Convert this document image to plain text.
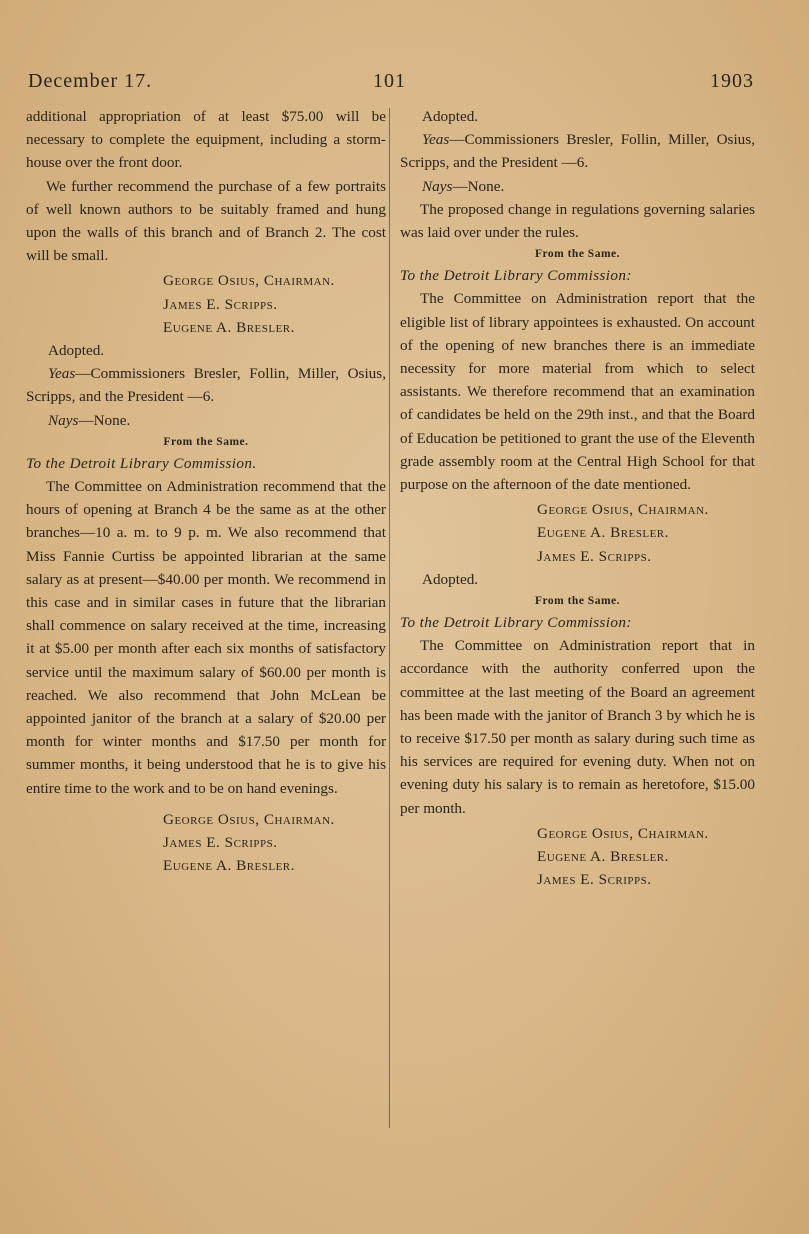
December 17.	101	1903

additional appropriation of at least $75.00 will be necessary to complete the equipment, including a storm-house over the front door.

We further recommend the purchase of a few portraits of well known authors to be suitably framed and hung upon the walls of this branch and of Branch 2. The cost will be small.

George Osius, Chairman.

James E. Scripps.

Eugene A. Bresler.

Adopted.

Yeas—Commissioners Bresler, Follin, Miller, Osius, Scripps, and the President —6.

Nays—None.

From the Same.

To the Detroit Library Commission.

The Committee on Administration recommend that the hours of opening at Branch 4 be the same as at the other branches—10 a. m. to 9 p. m. We also recommend that Miss Fannie Curtiss be appointed librarian at the same salary as at present—$40.00 per month. We recommend in this case and in similar cases in future that the librarian shall commence on salary received at the time, increasing it at $5.00 per month after each six months of satisfactory service until the maximum salary of $60.00 per month is reached. We also recommend that John McLean be appointed janitor of the branch at a salary of $20.00 per month for winter months and $17.50 per month for summer months, it being understood that he is to give his entire time to the work and to be on hand evenings.

George Osius, Chairman.

James E. Scripps.

Eugene A. Bresler.

Adopted.

Yeas—Commissioners Bresler, Follin, Miller, Osius, Scripps, and the President —6.

Nays—None.

The proposed change in regulations governing salaries was laid over under the rules.

From the Same.

To the Detroit Library Commission:

The Committee on Administration report that the eligible list of library appointees is exhausted. On account of the opening of new branches there is an immediate necessity for more material from which to select assistants. We therefore recommend that an examination of candidates be held on the 29th inst., and that the Board of Education be petitioned to grant the use of the Eleventh grade assembly room at the Central High School for that purpose on the afternoon of the date mentioned.

George Osius, Chairman.

Eugene A. Bresler.

James E. Scripps.

Adopted.

From the Same.

To the Detroit Library Commission:

The Committee on Administration report that in accordance with the authority conferred upon the committee at the last meeting of the Board an agreement has been made with the janitor of Branch 3 by which he is to receive $17.50 per month as salary during such time as his services are required for evening duty. When not on evening duty his salary is to remain as heretofore, $15.00 per month.

George Osius, Chairman.

Eugene A. Bresler.

James E. Scripps.
